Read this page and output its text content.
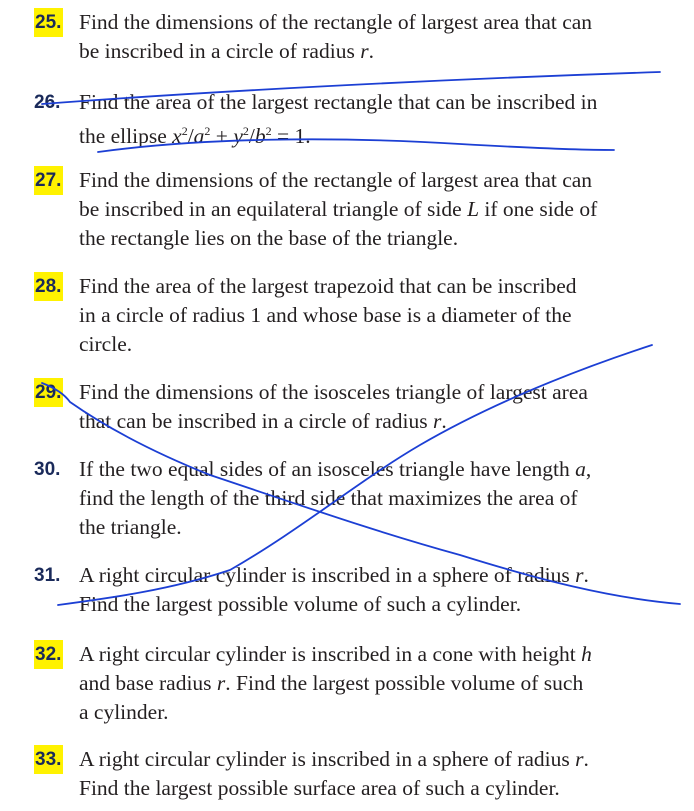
25. Find the dimensions of the rectangle of largest area that can
be inscribed in a circle of radius r.
26. Find the area of the largest rectangle that can be inscribed in
the ellipse $x^2/a^2 + y^2/b^2 = 1$.
27. Find the dimensions of the rectangle of largest area that can
be inscribed in an equilateral triangle of side L if one side of
the rectangle lies on the base of the triangle.
28. Find the area of the largest trapezoid that can be inscribed
in a circle of radius 1 and whose base is a diameter of the
circle.
29. Find the dimensions of the isosceles triangle of largest area
that can be inscribed in a circle of radius r.
30. If the two equal sides of an isosceles triangle have length a,
find the length of the third side that maximizes the area of
the triangle.
31. A right circular cylinder is inscribed in a sphere of radius r.
Find the largest possible volume of such a cylinder.
32. A right circular cylinder is inscribed in a cone with height h
and base radius r. Find the largest possible volume of such
a cylinder.
33. A right circular cylinder is inscribed in a sphere of radius r.
Find the largest possible surface area of such a cylinder.
